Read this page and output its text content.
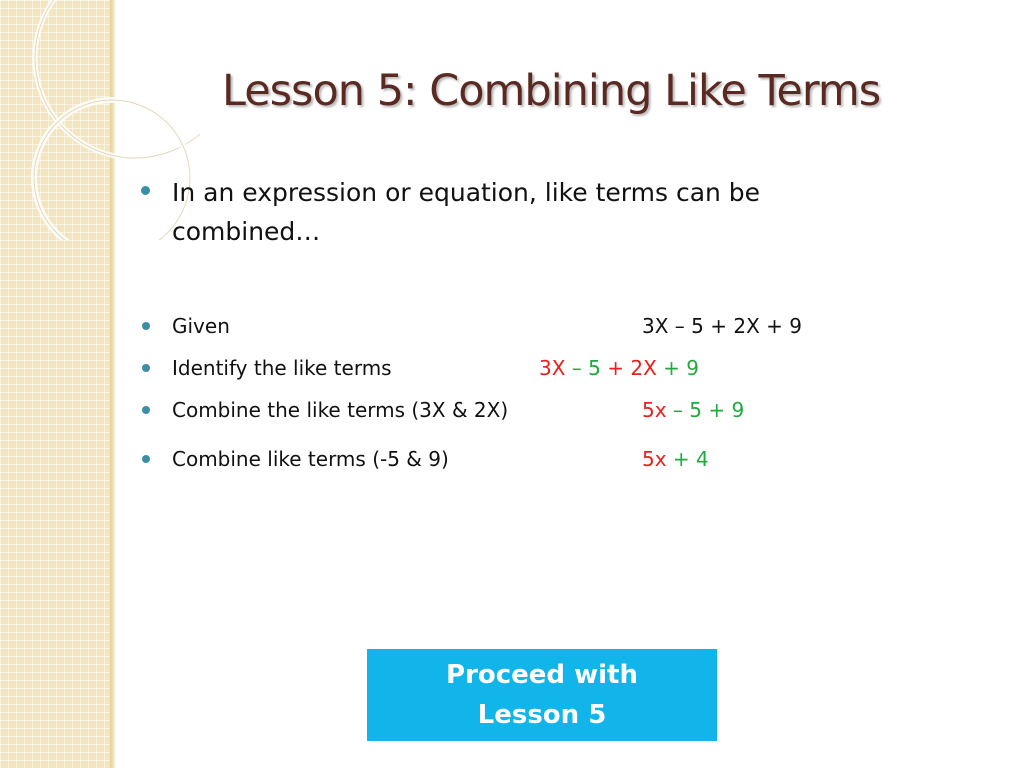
Lesson 5: Combining Like Terms
In an expression or equation, like terms can be combined…
Given	3X – 5 + 2X + 9
Identify the like terms	3X – 5 + 2X + 9
Combine the like terms (3X & 2X)	5x – 5 + 9
Combine like terms (-5 & 9)	5x + 4
Proceed with
Lesson 5
